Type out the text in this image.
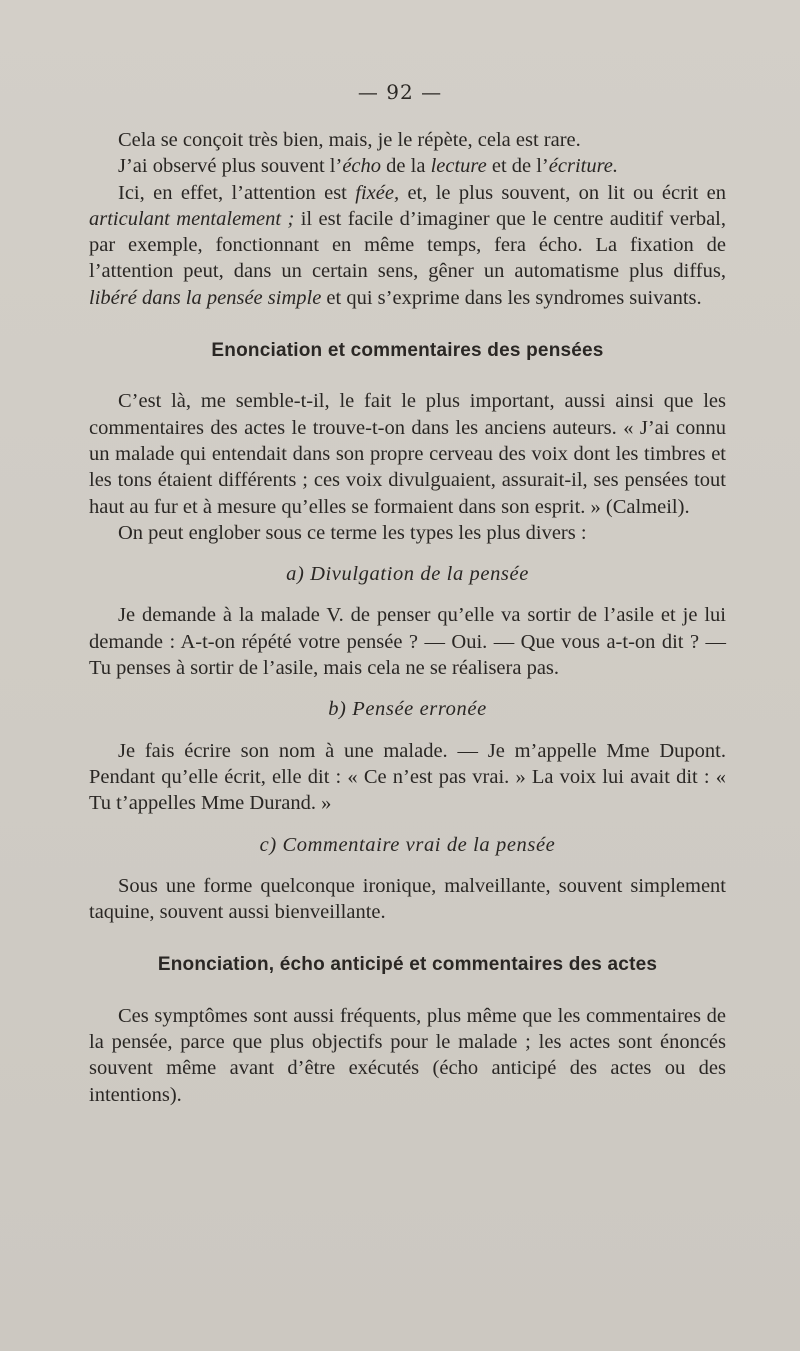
— 92 —

Cela se conçoit très bien, mais, je le répète, cela est rare.

J’ai observé plus souvent l’écho de la lecture et de l’écriture.

Ici, en effet, l’attention est fixée, et, le plus souvent, on lit ou écrit en articulant mentalement ; il est facile d’imaginer que le centre auditif verbal, par exemple, fonctionnant en même temps, fera écho. La fixation de l’attention peut, dans un certain sens, gêner un automatisme plus diffus, libéré dans la pensée simple et qui s’exprime dans les syndromes suivants.

Enonciation et commentaires des pensées

C’est là, me semble-t-il, le fait le plus important, aussi ainsi que les commentaires des actes le trouve-t-on dans les anciens auteurs. « J’ai connu un malade qui entendait dans son propre cerveau des voix dont les timbres et les tons étaient différents ; ces voix divulguaient, assurait-il, ses pensées tout haut au fur et à mesure qu’elles se formaient dans son esprit. » (Calmeil).

On peut englober sous ce terme les types les plus divers :

a) Divulgation de la pensée

Je demande à la malade V. de penser qu’elle va sortir de l’asile et je lui demande : A-t-on répété votre pensée ? — Oui. — Que vous a-t-on dit ? — Tu penses à sortir de l’asile, mais cela ne se réalisera pas.

b) Pensée erronée

Je fais écrire son nom à une malade. — Je m’appelle Mme Dupont. Pendant qu’elle écrit, elle dit : « Ce n’est pas vrai. » La voix lui avait dit : « Tu t’appelles Mme Durand. »

c) Commentaire vrai de la pensée

Sous une forme quelconque ironique, malveillante, souvent simplement taquine, souvent aussi bienveillante.

Enonciation, écho anticipé et commentaires des actes

Ces symptômes sont aussi fréquents, plus même que les commentaires de la pensée, parce que plus objectifs pour le malade ; les actes sont énoncés souvent même avant d’être exécutés (écho anticipé des actes ou des intentions).
